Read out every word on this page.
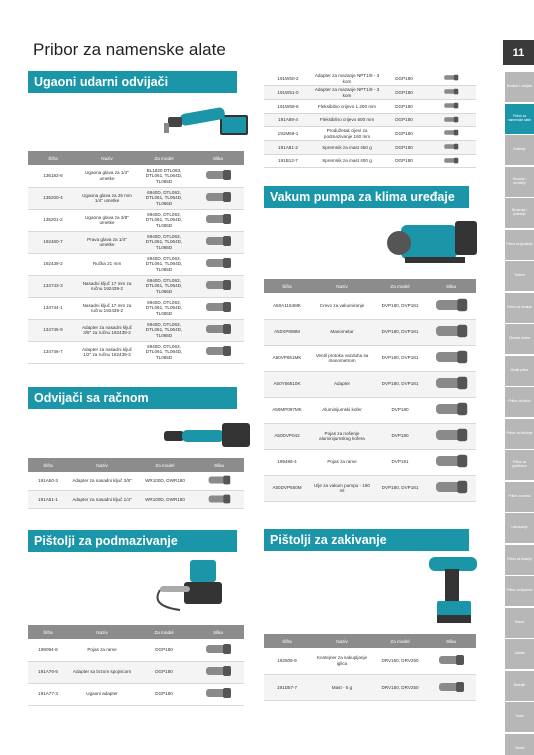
Pribor za namenske alate	11
Bušilice i odvijači
Pribor za namenske alate
Bušenje
Rezanje i ravnanje
Brušenje i poliranje
Pribor za glodanje
Testere
Pribor za rezanje
Obrada drveta
Ostali pribor
Pribor za baštu
Pribor za čišćenje
Pribor za građevinu
Pribor za metal
Usisavanje
Pribor za baterije
Pribor za ključeve
Razno
Zaštita
Baterije
Torbe
Tabele
Ugaoni udarni odvijači
Šifra	Naziv	Za model	Slika
136183-8	Ugaona glava za 1/4" umetke	BL1820 DTL063, DTL061, TL064D, TL065D	
135200-4	Ugaona glava za 25 mm 1/4" umetke	6940D, DTL063, DTL061, TL064D, TL065D	
135201-2	Ugaona glava za 3/8" umetke	6940D, DTL063, DTL061, TL064D, TL065D	
192460-7	Prava glava za 1/4" umetke	6940D, DTL063, DTL061, TL064D, TL065D	
192439-2	Ručka 21 mm	6940D, DTL063, DTL061, TL064D, TL065D	
134743-3	Nasadni ključ 17 mm za ručnu 192439-2	6940D, DTL063, DTL061, TL064D, TL065D	
134744-1	Nasadni ključ 17 mm za ručnu 192439-2	6940D, DTL063, DTL061, TL064D, TL065D	
134745-9	Adapter za nasadni ključ 3/8" za ručnu 192439-2	6940D, DTL063, DTL061, TL064D, TL065D	
134746-7	Adapter za nasadni ključ 1/2" za ručnu 192439-2	6940D, DTL063, DTL061, TL064D, TL065D	
Odvijači sa račnom
Šifra	Naziv	Za model	Slika
191A50-3	Adapter za nasadni ključ 3/8"	WR100D, DWR180	
191A51-1	Adapter za nasadni ključ 1/4"	WR100D, DWR180	
Pištolji za podmazivanje
Šifra	Naziv	Za model	Slika
199094-8	Pojas za rame	DGP180	
191A76-5	Adapter sa brzom spojnicom	DGP180	
191A77-3	Ugaoni adapter	DGP180	
191W50-2	Adapter za mazanje NPT1/8 - 3 kom	DGP180	
191W51-0	Adapter za mazanje NPT1/8 - 3 kom	DGP180	
191W58-6	Fleksibilno crijevo 1.200 mm	DGP180	
191A88-4	Fleksibilno crijevo 600 mm	DGP180	
191M69-1	Produžetak cijevi za podmazivanje 160 mm	DGP180	
191A81-2	Spremnik za mast 450 g	DGP180	
191B12-7	Spremnik za mast 400 g	DGP180	
Vakum pumpa za klima uređaje
Šifra	Naziv	Za model	Slika
A50A1154MK	Crevo za vakumiranje	DVP180, DVP181	
A50XP898M	Manometar	DVP180, DVP181	
A50VP651MK	Ventil protoka vazduha sa manometrom	DVP180, DVP181	
A50Y56510K	Adapter	DVP180, DVP181	
A50MP097MK	Aluminijumski kofer	DVP180	
A50DVP042	Pojas za nošenje aluminijumskog kofera	DVP180	
199486-4	Pojas za rame	DVP181	
A50DVP550M	Ulje za vakum pumpu - 150 ml	DVP180, DVP181	
Pištolji za zakivanje
Šifra	Naziv	Za model	Slika
162509-9	Kontejner za sakupljanje iglica	DRV150, DRV250	
191D57-7	Mast - 5 g	DRV150, DRV250	
